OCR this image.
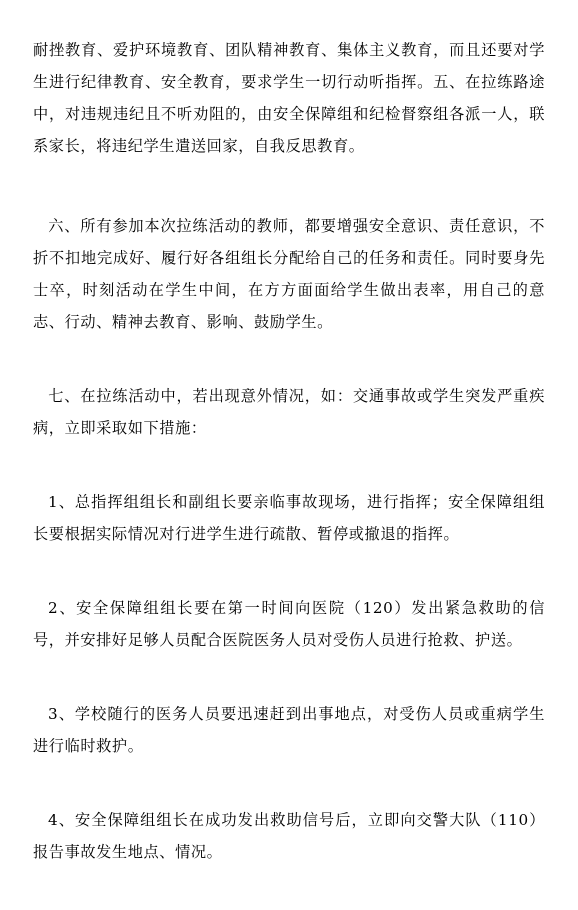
耐挫教育、爱护环境教育、团队精神教育、集体主义教育，而且还要对学生进行纪律教育、安全教育，要求学生一切行动听指挥。五、在拉练路途中，对违规违纪且不听劝阻的，由安全保障组和纪检督察组各派一人，联系家长，将违纪学生遣送回家，自我反思教育。

六、所有参加本次拉练活动的教师，都要增强安全意识、责任意识，不折不扣地完成好、履行好各组组长分配给自己的任务和责任。同时要身先士卒，时刻活动在学生中间，在方方面面给学生做出表率，用自己的意志、行动、精神去教育、影响、鼓励学生。

七、在拉练活动中，若出现意外情况，如：交通事故或学生突发严重疾病，立即采取如下措施：

1、总指挥组组长和副组长要亲临事故现场，进行指挥；安全保障组组长要根据实际情况对行进学生进行疏散、暂停或撤退的指挥。

2、安全保障组组长要在第一时间向医院（120）发出紧急救助的信号，并安排好足够人员配合医院医务人员对受伤人员进行抢救、护送。

3、学校随行的医务人员要迅速赶到出事地点，对受伤人员或重病学生进行临时救护。

4、安全保障组组长在成功发出救助信号后，立即向交警大队（110）报告事故发生地点、情况。
